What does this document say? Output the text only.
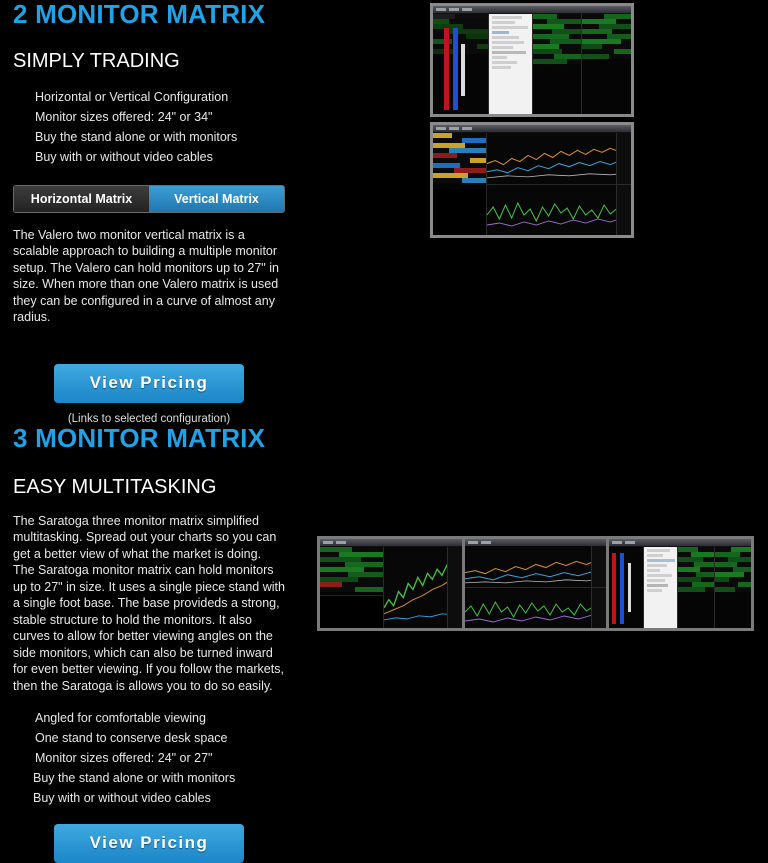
2 MONITOR MATRIX
SIMPLY TRADING
Horizontal or Vertical Configuration
Monitor sizes offered: 24" or 34"
Buy the stand alone or with monitors
Buy with or without video cables
Horizontal Matrix	Vertical Matrix

The Valero two monitor vertical matrix is a scalable approach to building a multiple monitor setup. The Valero can hold monitors up to 27" in size. When more than one Valero matrix is used they can be configured in a curve of almost any radius.

View Pricing
(Links to selected configuration)
3 MONITOR MATRIX
EASY MULTITASKING

The Saratoga three monitor matrix simplified multitasking. Spread out your charts so you can get a better view of what the market is doing. The Saratoga monitor matrix can hold monitors up to 27" in size. It uses a single piece stand with a single foot base. The base provideds a strong, stable structure to hold the monitors. It also curves to allow for better viewing angles on the side monitors, which can also be turned inward for even better viewing. If you follow the markets, then the Saratoga is allows you to do so easily.

Angled for comfortable viewing
One stand to conserve desk space
Monitor sizes offered: 24" or 27"
Buy the stand alone or with monitors
Buy with or without video cables
View Pricing
